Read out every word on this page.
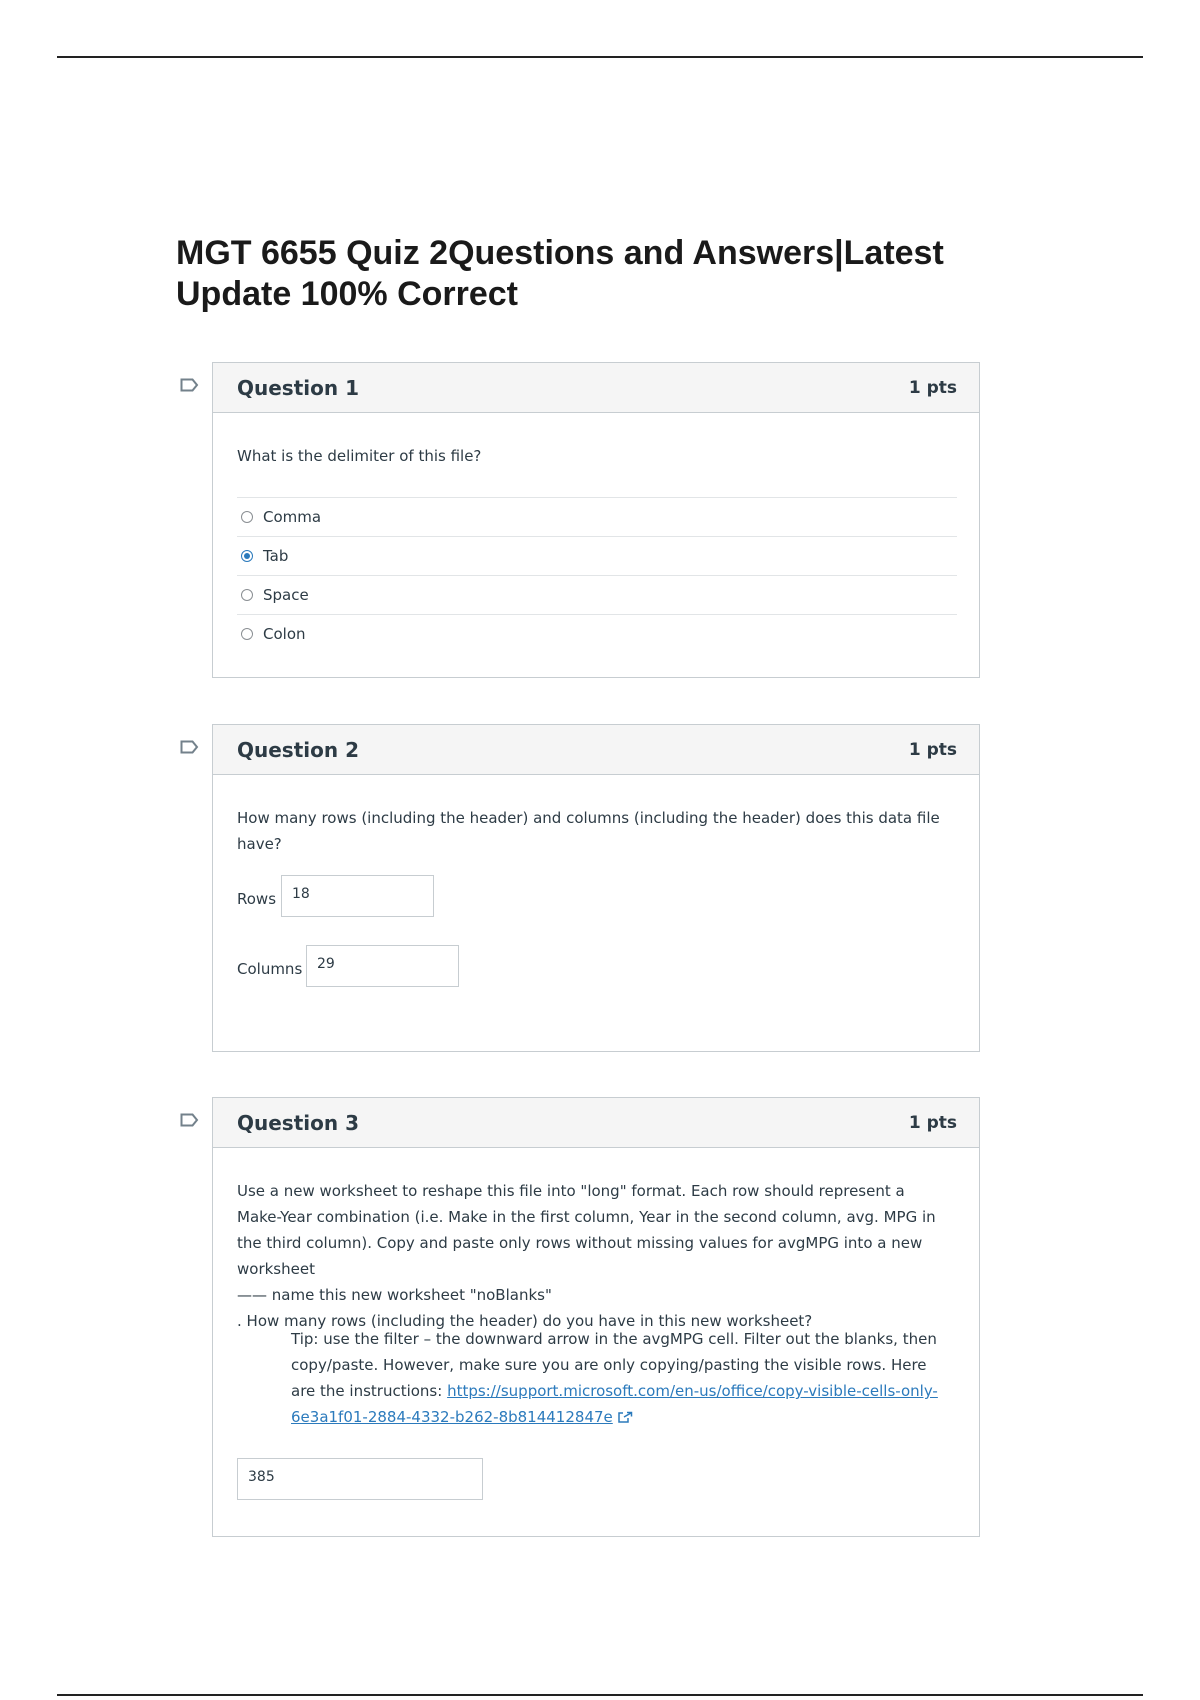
MGT 6655 Quiz 2Questions and Answers|Latest Update 100% Correct
Question 1	1 pts

What is the delimiter of this file?

Comma
Tab
Space
Colon
Question 2	1 pts

How many rows (including the header) and columns (including the header) does this data file have?

Rows	18
Columns	29
Question 3	1 pts
Use a new worksheet to reshape this file into "long" format. Each row should represent a Make-Year combination (i.e. Make in the first column, Year in the second column, avg. MPG in the third column). Copy and paste only rows without missing values for avgMPG into a new worksheet
—— name this new worksheet "noBlanks"
. How many rows (including the header) do you have in this new worksheet?

Tip: use the filter – the downward arrow in the avgMPG cell. Filter out the blanks, then copy/paste. However, make sure you are only copying/pasting the visible rows. Here are the instructions: https://support.microsoft.com/en-us/office/copy-visible-cells-only-6e3a1f01-2884-4332-b262-8b814412847e

385
